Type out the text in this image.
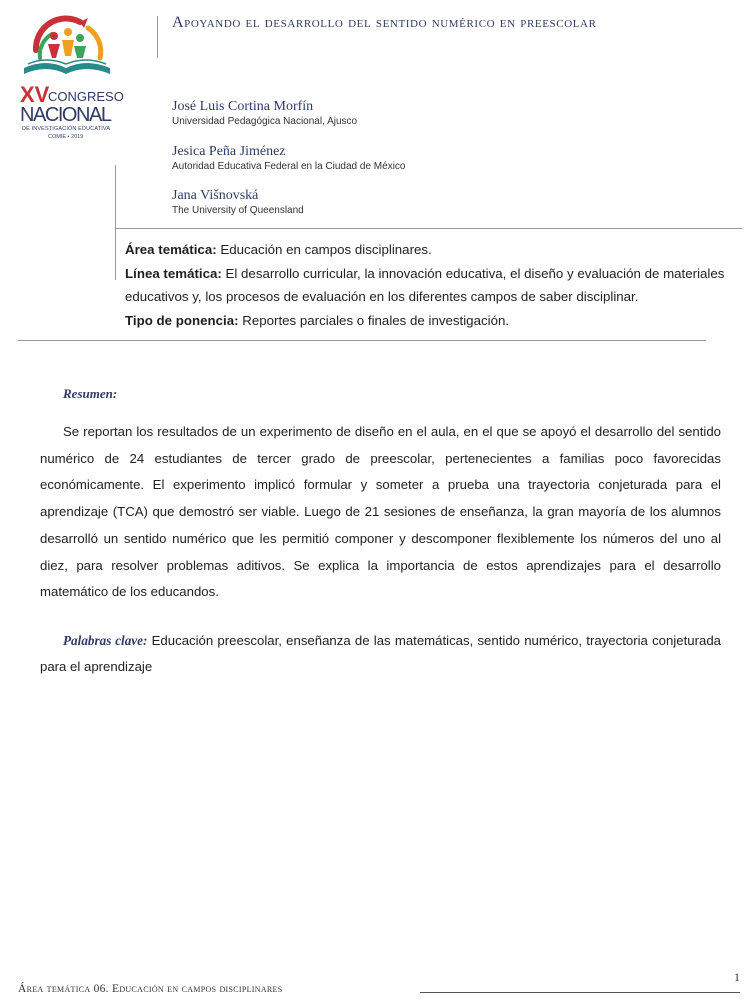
XV
CONGRESO
NACIONAL
DE INVESTIGACIÓN EDUCATIVA
COMIE • 2019
Apoyando el desarrollo del sentido numérico en preescolar
José Luis Cortina Morfín
Universidad Pedagógica Nacional, Ajusco
Jesica Peña Jiménez
Autoridad Educativa Federal en la Ciudad de México
Jana Višnovská
The University of Queensland
Área temática: Educación en campos disciplinares.
Línea temática: El desarrollo curricular, la innovación educativa, el diseño y evaluación de materiales educativos y, los procesos de evaluación en los diferentes campos de saber disciplinar.
Tipo de ponencia: Reportes parciales o finales de investigación.
Resumen:
Se reportan los resultados de un experimento de diseño en el aula, en el que se apoyó el desarrollo del sentido numérico de 24 estudiantes de tercer grado de preescolar, pertenecientes a familias poco favorecidas económicamente. El experimento implicó formular y someter a prueba una trayectoria conjeturada para el aprendizaje (TCA) que demostró ser viable. Luego de 21 sesiones de enseñanza, la gran mayoría de los alumnos desarrolló un sentido numérico que les permitió componer y descomponer flexiblemente los números del uno al diez, para resolver problemas aditivos. Se explica la importancia de estos aprendizajes para el desarrollo matemático de los educandos.
Palabras clave: Educación preescolar, enseñanza de las matemáticas, sentido numérico, trayectoria conjeturada para el aprendizaje
Área temática 06. Educación en campos disciplinares
1
